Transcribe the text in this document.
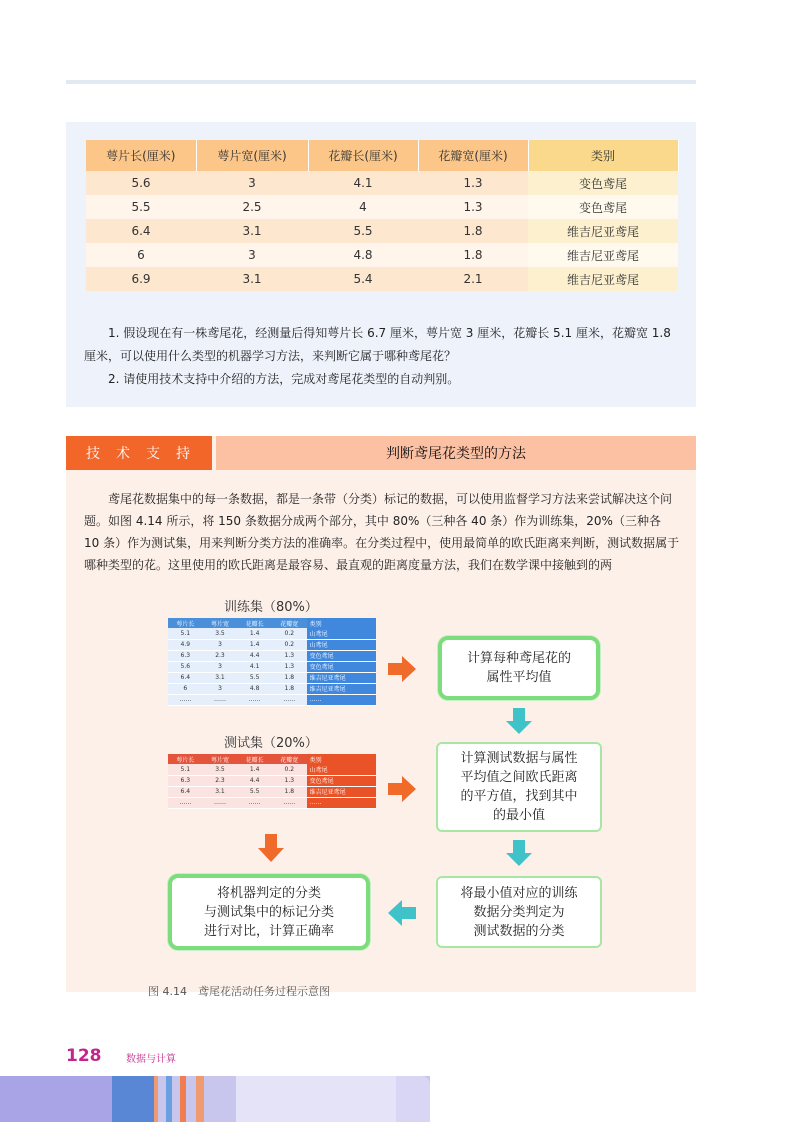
萼片长(厘米)	萼片宽(厘米)	花瓣长(厘米)	花瓣宽(厘米)	类别
5.6	3	4.1	1.3	变色鸢尾
5.5	2.5	4	1.3	变色鸢尾
6.4	3.1	5.5	1.8	维吉尼亚鸢尾
6	3	4.8	1.8	维吉尼亚鸢尾
6.9	3.1	5.4	2.1	维吉尼亚鸢尾

1. 假设现在有一株鸢尾花，经测量后得知萼片长 6.7 厘米，萼片宽 3 厘米，花瓣长 5.1 厘米，花瓣宽 1.8 厘米，可以使用什么类型的机器学习方法，来判断它属于哪种鸢尾花？

2. 请使用技术支持中介绍的方法，完成对鸢尾花类型的自动判别。

技术支持	判断鸢尾花类型的方法

鸢尾花数据集中的每一条数据，都是一条带（分类）标记的数据，可以使用监督学习方法来尝试解决这个问题。如图 4.14 所示，将 150 条数据分成两个部分，其中 80%（三种各 40 条）作为训练集，20%（三种各 10 条）作为测试集，用来判断分类方法的准确率。在分类过程中，使用最简单的欧氏距离来判断，测试数据属于哪种类型的花。这里使用的欧氏距离是最容易、最直观的距离度量方法，我们在数学课中接触到的两

训练集（80%）
萼片长	萼片宽	花瓣长	花瓣宽	类别
5.1	3.5	1.4	0.2	山鸢尾
4.9	3	1.4	0.2	山鸢尾
6.3	2.3	4.4	1.3	变色鸢尾
5.6	3	4.1	1.3	变色鸢尾
6.4	3.1	5.5	1.8	维吉尼亚鸢尾
6	3	4.8	1.8	维吉尼亚鸢尾
……	……	……	……	……
测试集（20%）
萼片长	萼片宽	花瓣长	花瓣宽	类别
5.1	3.5	1.4	0.2	山鸢尾
6.3	2.3	4.4	1.3	变色鸢尾
6.4	3.1	5.5	1.8	维吉尼亚鸢尾
……	……	……	……	……
计算每种鸢尾花的
属性平均值
计算测试数据与属性
平均值之间欧氏距离
的平方值，找到其中
的最小值
将最小值对应的训练
数据分类判定为
测试数据的分类
将机器判定的分类
与测试集中的标记分类
进行对比，计算正确率
图 4.14　鸢尾花活动任务过程示意图
128 数据与计算
